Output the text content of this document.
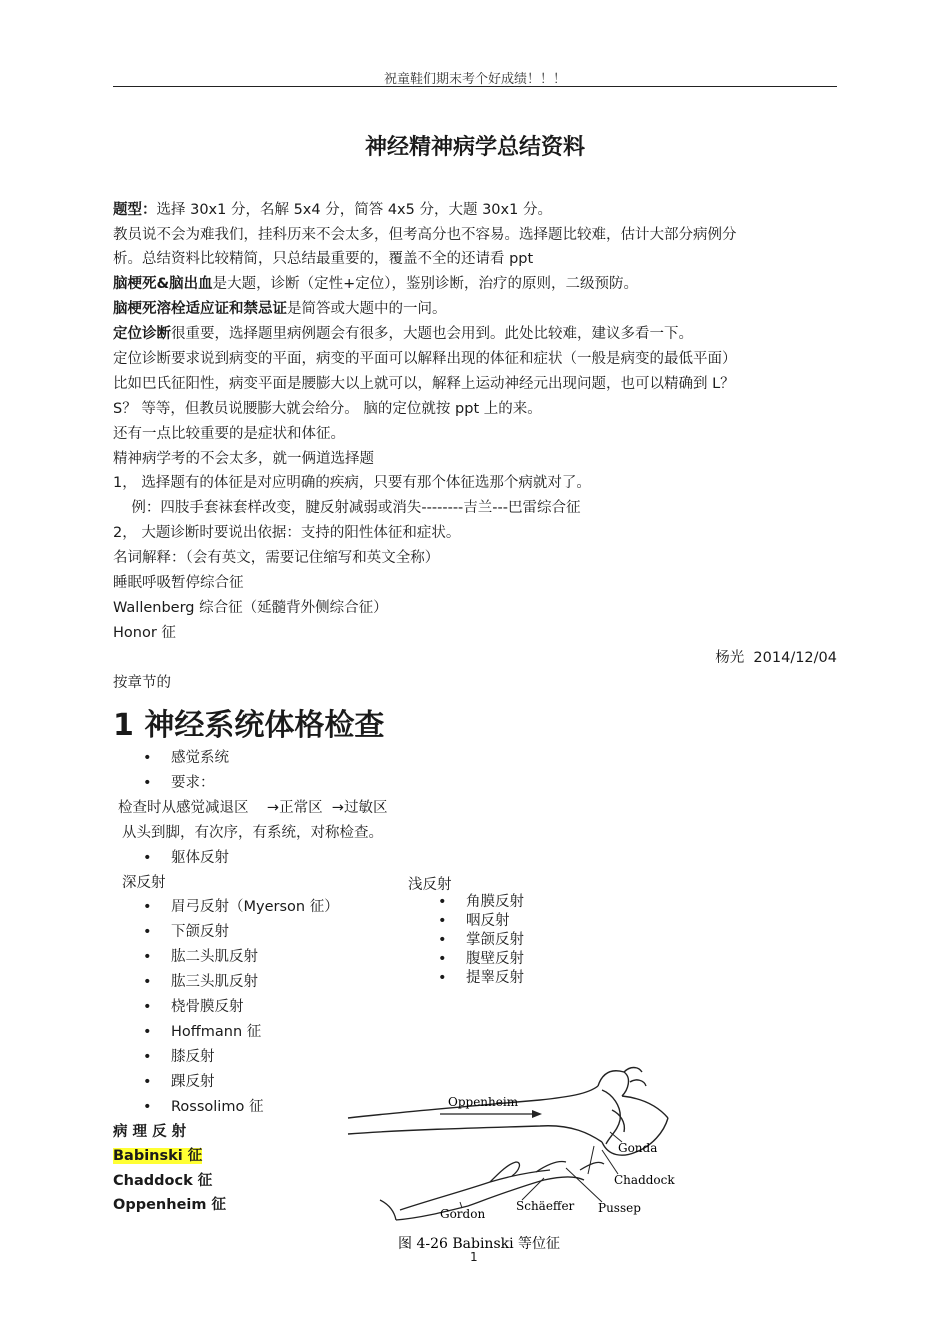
祝童鞋们期末考个好成绩！！！
神经精神病学总结资料
题型：选择 30x1 分，名解 5x4 分，简答 4x5 分，大题 30x1 分。
教员说不会为难我们，挂科历来不会太多，但考高分也不容易。选择题比较难，估计大部分病例分
析。总结资料比较精简，只总结最重要的，覆盖不全的还请看 ppt
脑梗死&脑出血是大题，诊断（定性+定位），鉴别诊断，治疗的原则，二级预防。
脑梗死溶栓适应证和禁忌证是简答或大题中的一问。
定位诊断很重要，选择题里病例题会有很多，大题也会用到。此处比较难，建议多看一下。
定位诊断要求说到病变的平面，病变的平面可以解释出现的体征和症状（一般是病变的最低平面）
比如巴氏征阳性，病变平面是腰膨大以上就可以，解释上运动神经元出现问题，也可以精确到 L？
S？ 等等，但教员说腰膨大就会给分。 脑的定位就按 ppt 上的来。
还有一点比较重要的是症状和体征。
精神病学考的不会太多，就一俩道选择题
1， 选择题有的体征是对应明确的疾病，只要有那个体征选那个病就对了。
例：四肢手套袜套样改变，腱反射减弱或消失--------吉兰---巴雷综合征
2， 大题诊断时要说出依据：支持的阳性体征和症状。
名词解释：（会有英文，需要记住缩写和英文全称）
睡眠呼吸暂停综合征
Wallenberg 综合征（延髓背外侧综合征）
Honor 征
杨光  2014/12/04
按章节的
1 神经系统体格检查
• 感觉系统
• 要求：
检查时从感觉减退区    →正常区  →过敏区
从头到脚，有次序，有系统，对称检查。
• 躯体反射
深反射	浅反射
• 眉弓反射（Myerson 征）
• 下颌反射
• 肱二头肌反射
• 肱三头肌反射
• 桡骨膜反射
• Hoffmann 征
• 膝反射
• 踝反射
• Rossolimo 征
• 角膜反射
• 咽反射
• 掌颌反射
• 腹壁反射
• 提睾反射
病 理 反 射
Babinski 征
Chaddock 征
Oppenheim 征
Oppenheim
Gonda
Chaddock
Gordon
Schäeffer Pussep
图 4-26 Babinski 等位征
1
